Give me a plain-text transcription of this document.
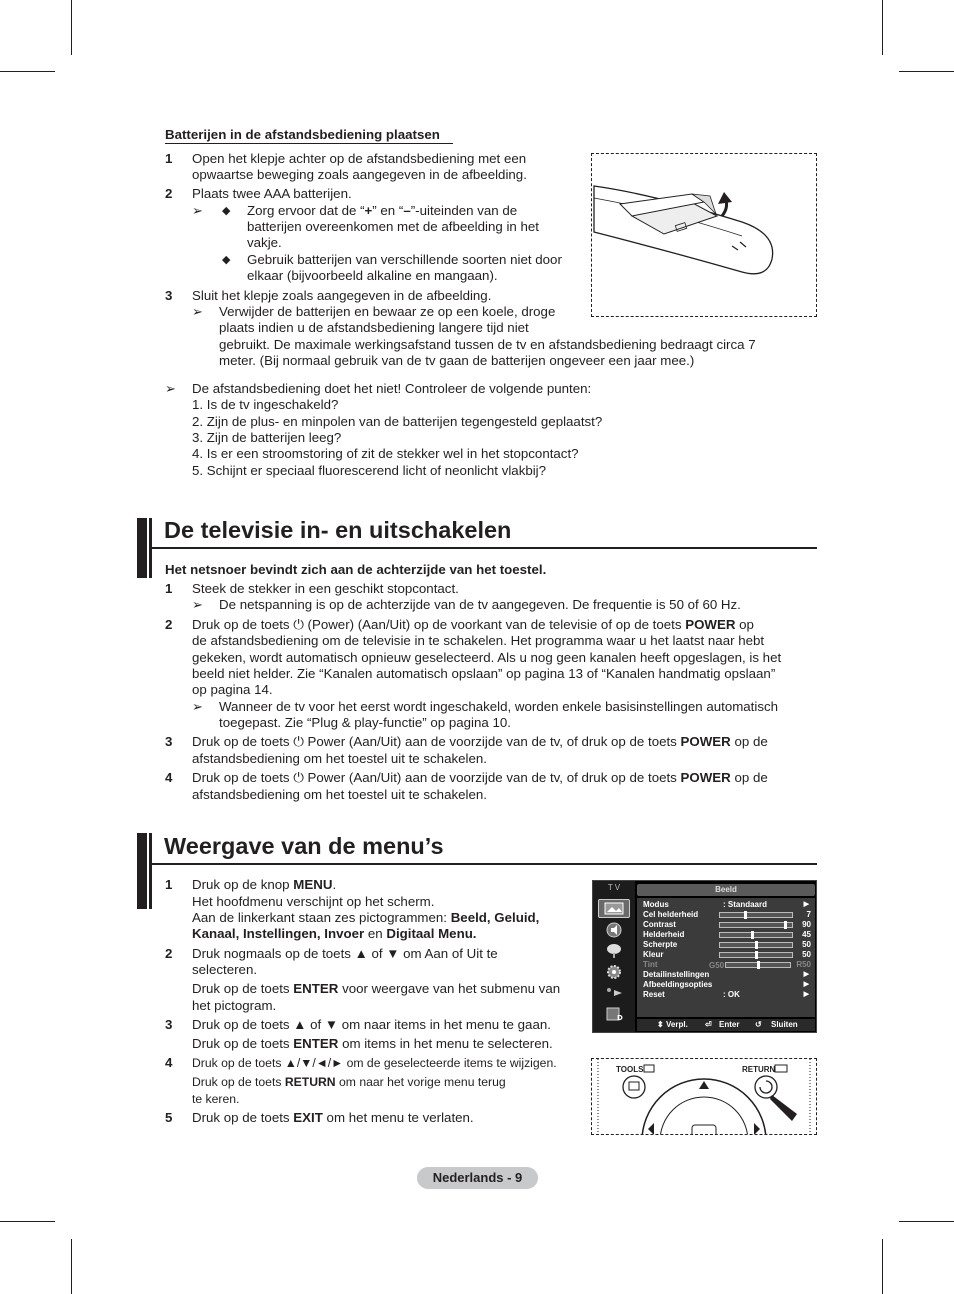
Batterijen in de afstandsbediening plaatsen
1 Open het klepje achter op de afstandsbediening met een
opwaartse beweging zoals aangegeven in de afbeelding.
2 Plaats twee AAA batterijen.
➢ ◆ Zorg ervoor dat de “+” en “–”-uiteinden van de
batterijen overeenkomen met de afbeelding in het
vakje.
◆ Gebruik batterijen van verschillende soorten niet door
elkaar (bijvoorbeeld alkaline en mangaan).
3 Sluit het klepje zoals aangegeven in de afbeelding.
➢ Verwijder de batterijen en bewaar ze op een koele, droge
plaats indien u de afstandsbediening langere tijd niet
gebruikt. De maximale werkingsafstand tussen de tv en afstandsbediening bedraagt circa 7
meter. (Bij normaal gebruik van de tv gaan de batterijen ongeveer een jaar mee.)
➢ De afstandsbediening doet het niet! Controleer de volgende punten:
1. Is de tv ingeschakeld?
2. Zijn de plus- en minpolen van de batterijen tegengesteld geplaatst?
3. Zijn de batterijen leeg?
4. Is er een stroomstoring of zit de stekker wel in het stopcontact?
5. Schijnt er speciaal fluorescerend licht of neonlicht vlakbij?
De televisie in- en uitschakelen
Het netsnoer bevindt zich aan de achterzijde van het toestel.
1 Steek de stekker in een geschikt stopcontact.
➢ De netspanning is op de achterzijde van de tv aangegeven. De frequentie is 50 of 60 Hz.
2 Druk op de toets ⏻ (Power) (Aan/Uit) op de voorkant van de televisie of op de toets POWER op
de afstandsbediening om de televisie in te schakelen. Het programma waar u het laatst naar hebt
gekeken, wordt automatisch opnieuw geselecteerd. Als u nog geen kanalen heeft opgeslagen, is het
beeld niet helder. Zie “Kanalen automatisch opslaan” op pagina 13 of “Kanalen handmatig opslaan”
op pagina 14.
➢ Wanneer de tv voor het eerst wordt ingeschakeld, worden enkele basisinstellingen automatisch
toegepast. Zie “Plug & play-functie” op pagina 10.
3 Druk op de toets ⏻ Power (Aan/Uit) aan de voorzijde van de tv, of druk op de toets POWER op de
afstandsbediening om het toestel uit te schakelen.
4 Druk op de toets ⏻ Power (Aan/Uit) aan de voorzijde van de tv, of druk op de toets POWER op de
afstandsbediening om het toestel uit te schakelen.
Weergave van de menu’s
1 Druk op de knop MENU.
Het hoofdmenu verschijnt op het scherm.
Aan de linkerkant staan zes pictogrammen: Beeld, Geluid,
Kanaal, Instellingen, Invoer en Digitaal Menu.
2 Druk nogmaals op de toets ▲ of ▼ om Aan of Uit te
selecteren.
Druk op de toets ENTER voor weergave van het submenu van
het pictogram.
3 Druk op de toets ▲ of ▼ om naar items in het menu te gaan.
Druk op de toets ENTER om items in het menu te selecteren.
4 Druk op de toets ▲/▼/◄/► om de geselecteerde items te wijzigen.
Druk op de toets RETURN om naar het vorige menu terug
te keren.
5 Druk op de toets EXIT om het menu te verlaten.
T V
D
Beeld
Modus	: Standaard	▶
Cel helderheid	7
Contrast	90
Helderheid	45
Scherpte	50
Kleur	50
Tint	G50	R50
Detailinstellingen	▶
Afbeeldingsopties	▶
Reset	: OK	▶
⬍ Verpl. ⏎ Enter ↺ Sluiten
TOOLS	RETURN
Nederlands - 9
